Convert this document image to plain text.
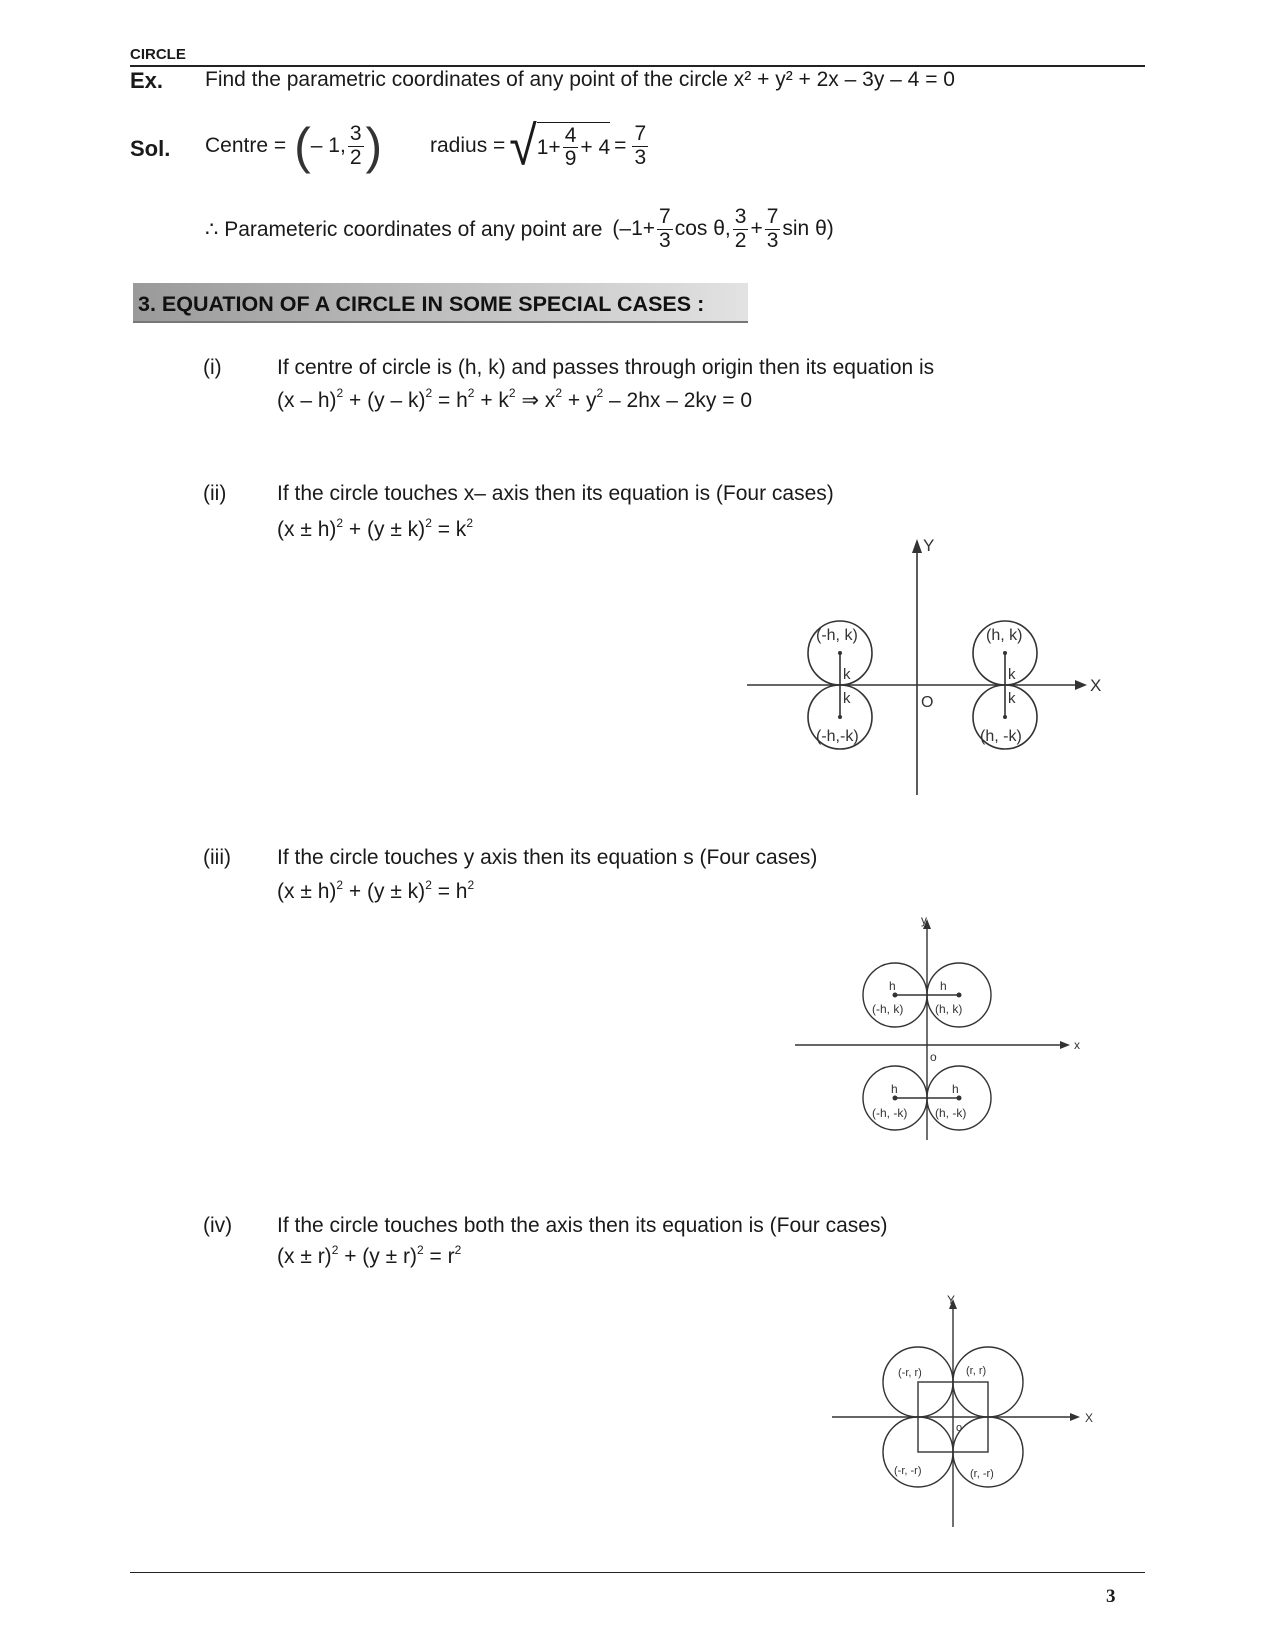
CIRCLE
Ex. Find the parametric coordinates of any point of the circle x² + y² + 2x – 3y – 4 = 0
Sol. Centre = ( – 1, $\frac{3}{2}$ ) radius = √ $1+ \frac{4}{9} + 4 = \frac{7}{3}$
∴ Parameteric coordinates of any point are ($-1+ \frac{7}{3}$ cos θ, $\frac{3}{2} + \frac{7}{3}$ sin θ)
3. EQUATION OF A CIRCLE IN SOME SPECIAL CASES :
(i)	If centre of circle is (h, k) and passes through origin then its equation is
$(x - h)^2 + (y - k)^2 = h^2 + k^2$ ⇒ $x^2 + y^2 - 2hx - 2ky = 0$
(ii) If the circle touches x– axis then its equation is (Four cases)
$(x \pm h)^2 + (y \pm k)^2 = k^2$
Y
X
O
(-h, k)	(h, k)
(-h,-k)	(h, -k)
k
k
k
k
(iii) If the circle touches y axis then its equation s (Four cases)
$(x \pm h)^2 + (y \pm k)^2 = h^2$
y
x
o
h	h
h	h
(-h, k)	(h, k)
(-h, -k) (h, -k)
(iv) If the circle touches both the axis then its equation is (Four cases)
$(x \pm r)^2 + (y \pm r)^2 = r^2$
Y
X
o
(-r, r)	(r, r)
(-r, -r)	(r, -r)
3
